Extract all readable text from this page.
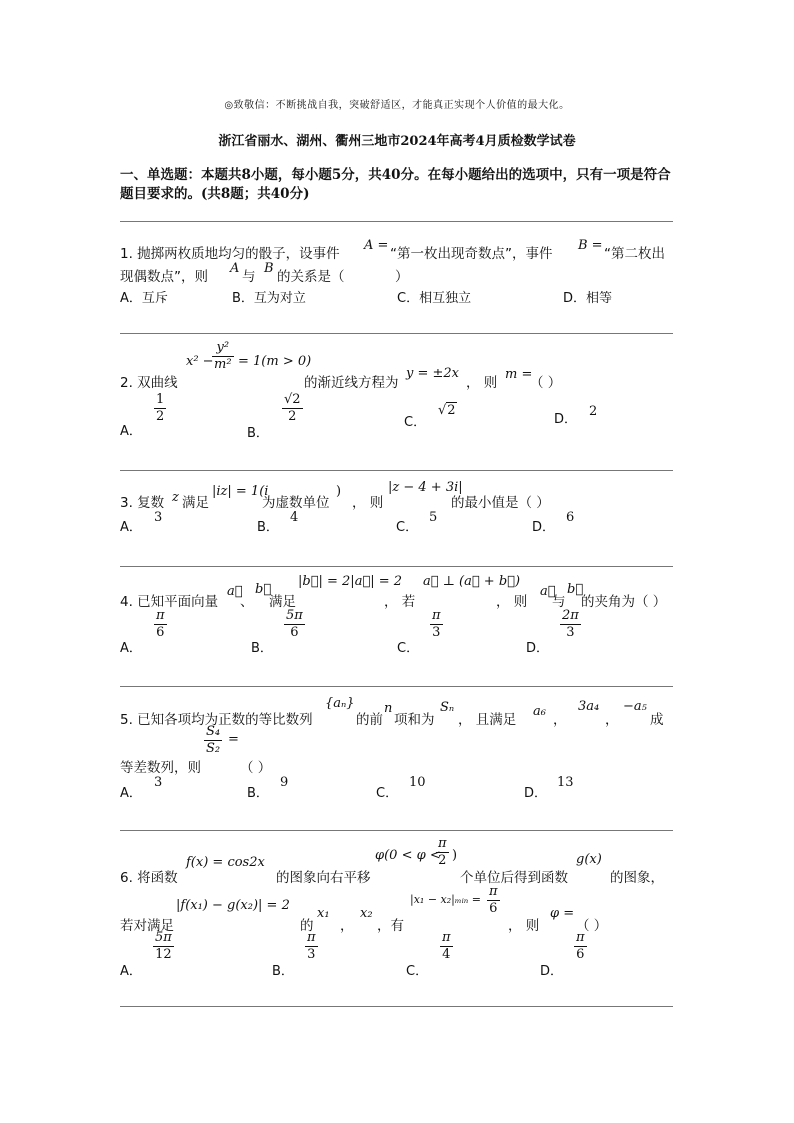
◎致敬信：不断挑战自我，突破舒适区，才能真正实现个人价值的最大化。
浙江省丽水、湖州、衢州三地市2024年高考4月质检数学试卷
一、单选题：本题共8小题，每小题5分，共40分。在每小题给出的选项中，只有一项是符合题目要求的。(共8题；共40分)
1. 抛掷两枚质地均匀的骰子，设事件
A =
“第一枚出现奇数点”，事件
B =
“第二枚出
现偶数点”，则
A
与
B
的关系是（	）
A．互斥	B．互为对立	C．相互独立	D．相等
2. 双曲线
x² −
$\frac{\text{y²}}{\text{m²}} = 1(m > 0)$
的渐近线方程为
y = ±2x
， 则
m =
（ ）
A．
$\frac{1}{2}$
B．
$\frac{√2}{2}$	C．
√2
D．
2
3. 复数 z 满足
|iz| = 1(i
为虚数单位
)
， 则
|z − 4 + 3i|
的最小值是（ ）
A．
3
B．
4
C．
5
D．
6
4. 已知平面向量
a⃗
、
b⃗
满足
|b⃗| = 2|a⃗| = 2
， 若
a⃗ ⊥ (a⃗ + b⃗)
， 则
a⃗
与
b⃗
的夹角为（ ）
A．
$\frac{\pi}{6}$
B．
$\frac{5\pi}{6}$
C．
$\frac{\pi}{3}$
D．
$\frac{2\pi}{3}$
5. 已知各项均为正数的等比数列
{aₙ}
的前
n
项和为
Sₙ
， 且满足
a₆
，
3a₄
，
−a₅
成
$\frac{\text{S₄}}{\text{S₂}}$ =
等差数列，则	（ ）
A．
3
B．
9
C．
10
D．
13
6. 将函数
f(x) = cos2x
的图象向右平移
φ(0 < φ <
$\frac{\pi}{2}$ )
个单位后得到函数
g(x)
的图象，
若对满足
|f(x₁) − g(x₂)| = 2
的
x₁
，
x₂
，有
|x₁ − x₂|ₘᵢₙ = $\frac{\pi}{6}$
， 则
φ =
（ ）
A．
$\frac{5\pi}{12}$
B．
$\frac{\pi}{3}$
C．
$\frac{\pi}{4}$
D．
$\frac{\pi}{6}$
